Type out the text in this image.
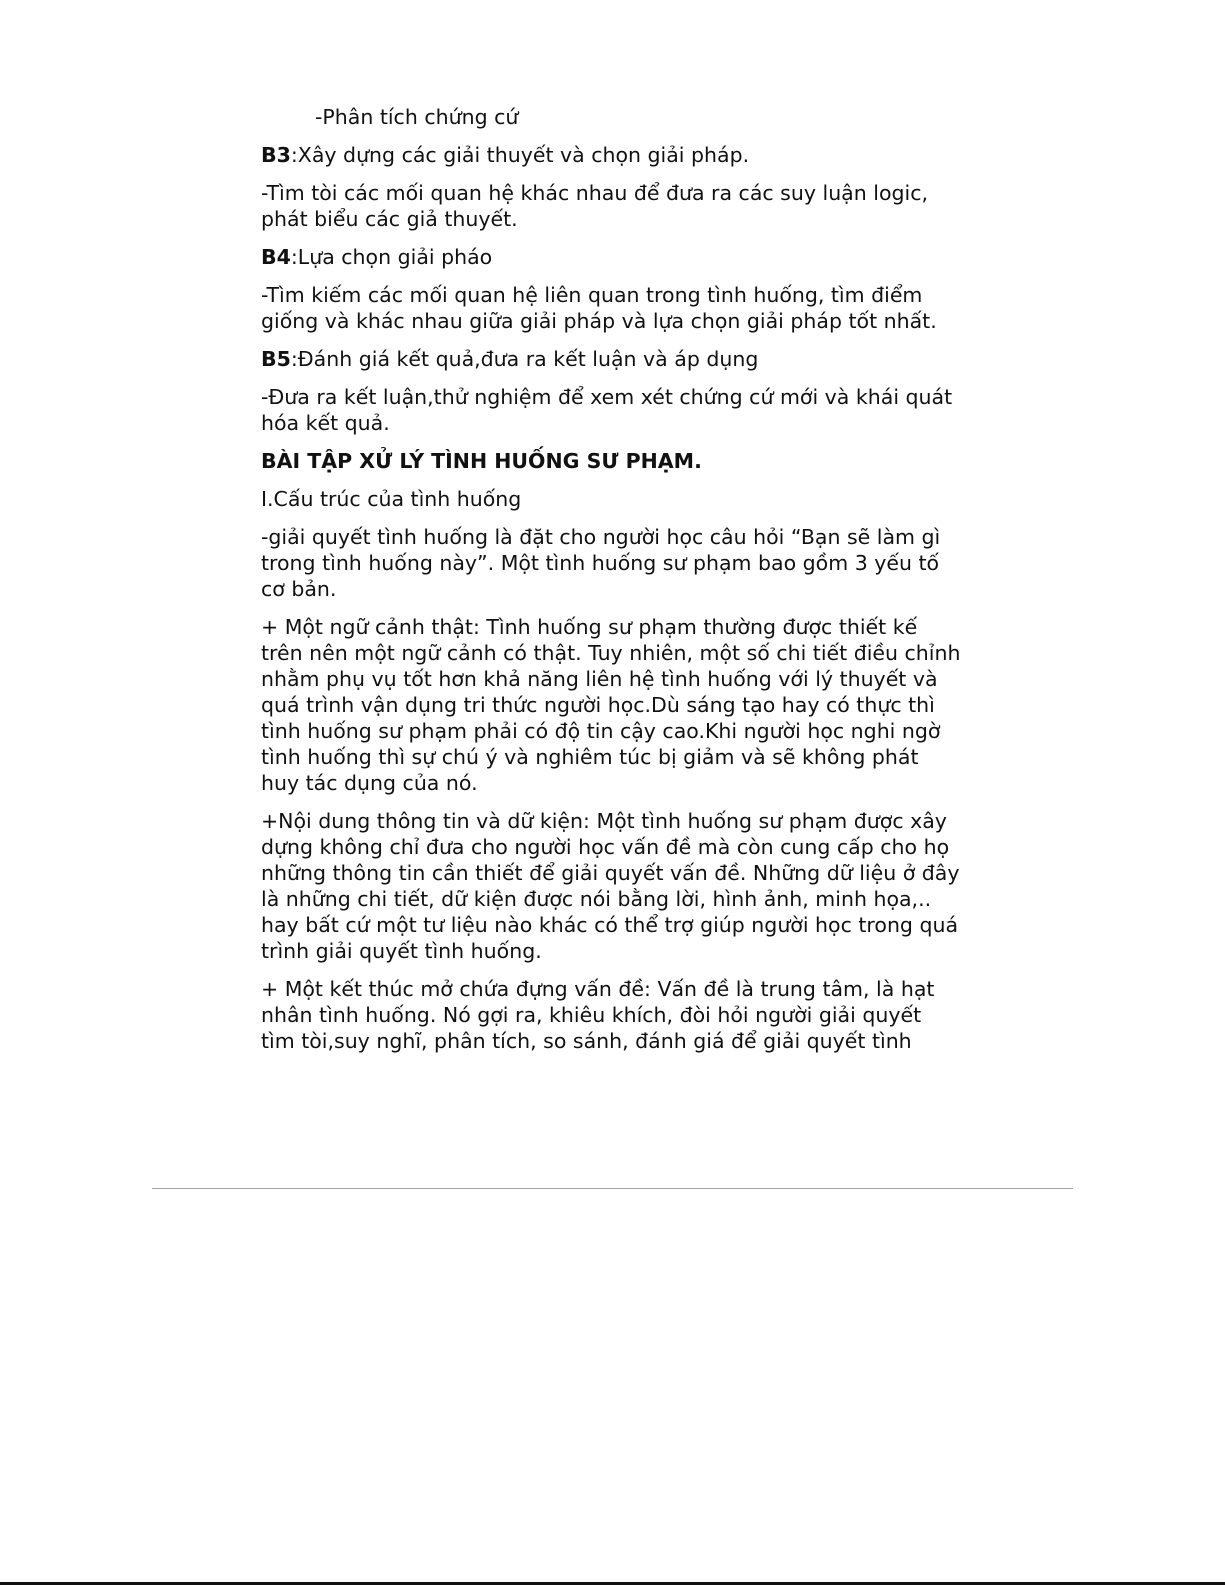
-Phân tích chứng cứ

B3:Xây dựng các giải thuyết và chọn giải pháp.

-Tìm tòi các mối quan hệ khác nhau để đưa ra các suy luận logic, phát biểu các giả thuyết.

B4:Lựa chọn giải pháo

-Tìm kiếm các mối quan hệ liên quan trong tình huống, tìm điểm giống và khác nhau giữa giải pháp và lựa chọn giải pháp tốt nhất.

B5:Đánh giá kết quả,đưa ra kết luận và áp dụng

-Đưa ra kết luận,thử nghiệm để xem xét chứng cứ mới và khái quát hóa kết quả.

BÀI TẬP XỬ LÝ TÌNH HUỐNG SƯ PHẠM.

I.Cấu trúc của tình huống

-giải quyết tình huống là đặt cho người học câu hỏi “Bạn sẽ làm gì trong tình huống này”. Một tình huống sư phạm bao gồm 3 yếu tố cơ bản.

+ Một ngữ cảnh thật: Tình huống sư phạm thường được thiết kế trên nên một ngữ cảnh có thật. Tuy nhiên, một số chi tiết điều chỉnh nhằm phụ vụ tốt hơn khả năng liên hệ tình huống với lý thuyết và quá trình vận dụng tri thức người học.Dù sáng tạo hay có thực thì tình huống sư phạm phải có độ tin cậy cao.Khi người học nghi ngờ tình huống thì sự chú ý và nghiêm túc bị giảm và sẽ không phát huy tác dụng của nó.

+Nội dung thông tin và dữ kiện: Một tình huống sư phạm được xây dựng không chỉ đưa cho người học vấn đề mà còn cung cấp cho họ những thông tin cần thiết để giải quyết vấn đề. Những dữ liệu ở đây là những chi tiết, dữ kiện được nói bằng lời, hình ảnh, minh họa,.. hay bất cứ một tư liệu nào khác có thể trợ giúp người học trong quá trình giải quyết tình huống.

+ Một kết thúc mở chứa đựng vấn đề: Vấn đề là trung tâm, là hạt nhân tình huống. Nó gợi ra, khiêu khích, đòi hỏi người giải quyết tìm tòi,suy nghĩ, phân tích, so sánh, đánh giá để giải quyết tình
